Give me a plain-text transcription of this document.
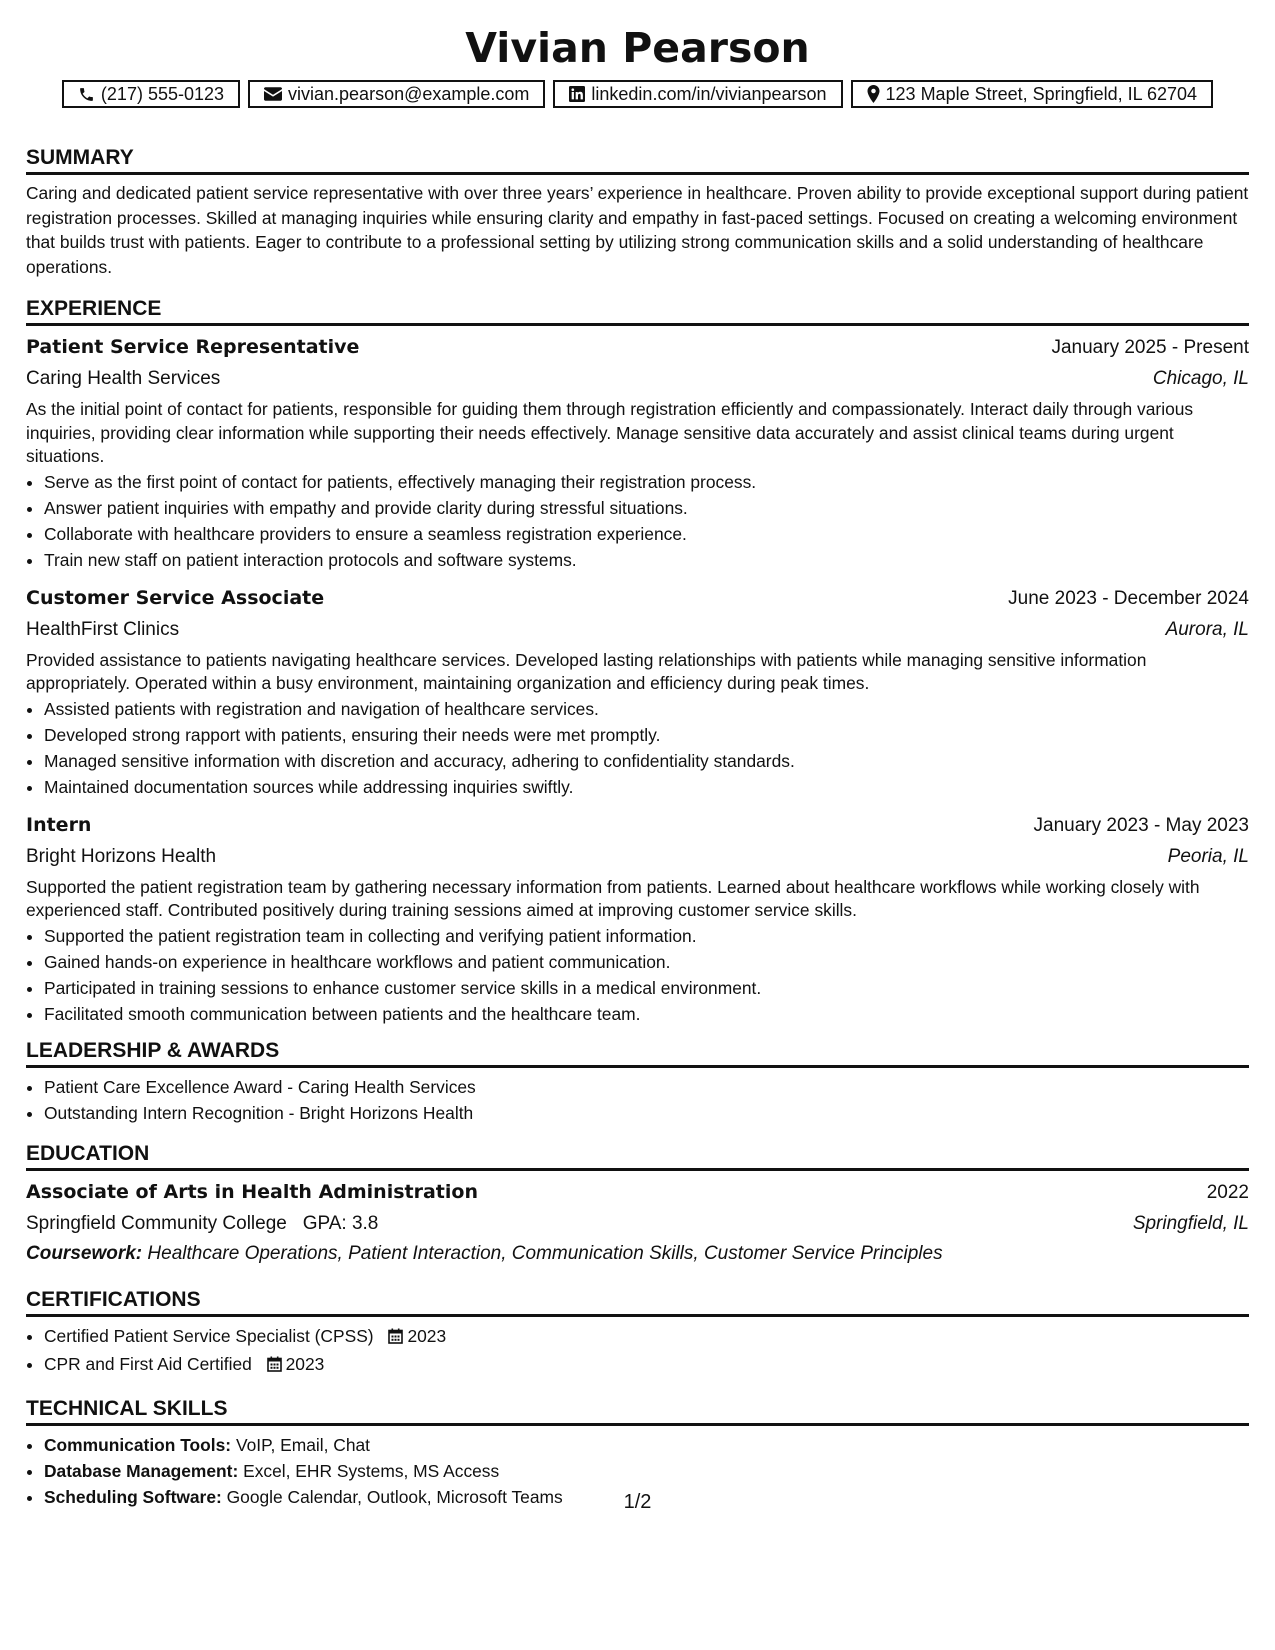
Vivian Pearson
(217) 555-0123	vivian.pearson@example.com	linkedin.com/in/vivianpearson	123 Maple Street, Springfield, IL 62704
SUMMARY

Caring and dedicated patient service representative with over three years’ experience in healthcare. Proven ability to provide exceptional support during patient registration processes. Skilled at managing inquiries while ensuring clarity and empathy in fast-paced settings. Focused on creating a welcoming environment that builds trust with patients. Eager to contribute to a professional setting by utilizing strong communication skills and a solid understanding of healthcare operations.

EXPERIENCE
Patient Service Representative	January 2025 - Present
Caring Health Services	Chicago, IL

As the initial point of contact for patients, responsible for guiding them through registration efficiently and compassionately. Interact daily through various inquiries, providing clear information while supporting their needs effectively. Manage sensitive data accurately and assist clinical teams during urgent situations.

• Serve as the first point of contact for patients, effectively managing their registration process.
• Answer patient inquiries with empathy and provide clarity during stressful situations.
• Collaborate with healthcare providers to ensure a seamless registration experience.
• Train new staff on patient interaction protocols and software systems.
Customer Service Associate	June 2023 - December 2024
HealthFirst Clinics	Aurora, IL

Provided assistance to patients navigating healthcare services. Developed lasting relationships with patients while managing sensitive information appropriately. Operated within a busy environment, maintaining organization and efficiency during peak times.

• Assisted patients with registration and navigation of healthcare services.
• Developed strong rapport with patients, ensuring their needs were met promptly.
• Managed sensitive information with discretion and accuracy, adhering to confidentiality standards.
• Maintained documentation sources while addressing inquiries swiftly.
Intern	January 2023 - May 2023
Bright Horizons Health	Peoria, IL

Supported the patient registration team by gathering necessary information from patients. Learned about healthcare workflows while working closely with experienced staff. Contributed positively during training sessions aimed at improving customer service skills.

• Supported the patient registration team in collecting and verifying patient information.
• Gained hands-on experience in healthcare workflows and patient communication.
• Participated in training sessions to enhance customer service skills in a medical environment.
• Facilitated smooth communication between patients and the healthcare team.
LEADERSHIP & AWARDS
• Patient Care Excellence Award - Caring Health Services
• Outstanding Intern Recognition - Bright Horizons Health
EDUCATION
Associate of Arts in Health Administration	2022
Springfield Community College GPA: 3.8	Springfield, IL
Coursework: Healthcare Operations, Patient Interaction, Communication Skills, Customer Service Principles
CERTIFICATIONS
• Certified Patient Service Specialist (CPSS) 2023
• CPR and First Aid Certified 2023
TECHNICAL SKILLS
• Communication Tools: VoIP, Email, Chat
• Database Management: Excel, EHR Systems, MS Access
• Scheduling Software: Google Calendar, Outlook, Microsoft Teams	1/2
